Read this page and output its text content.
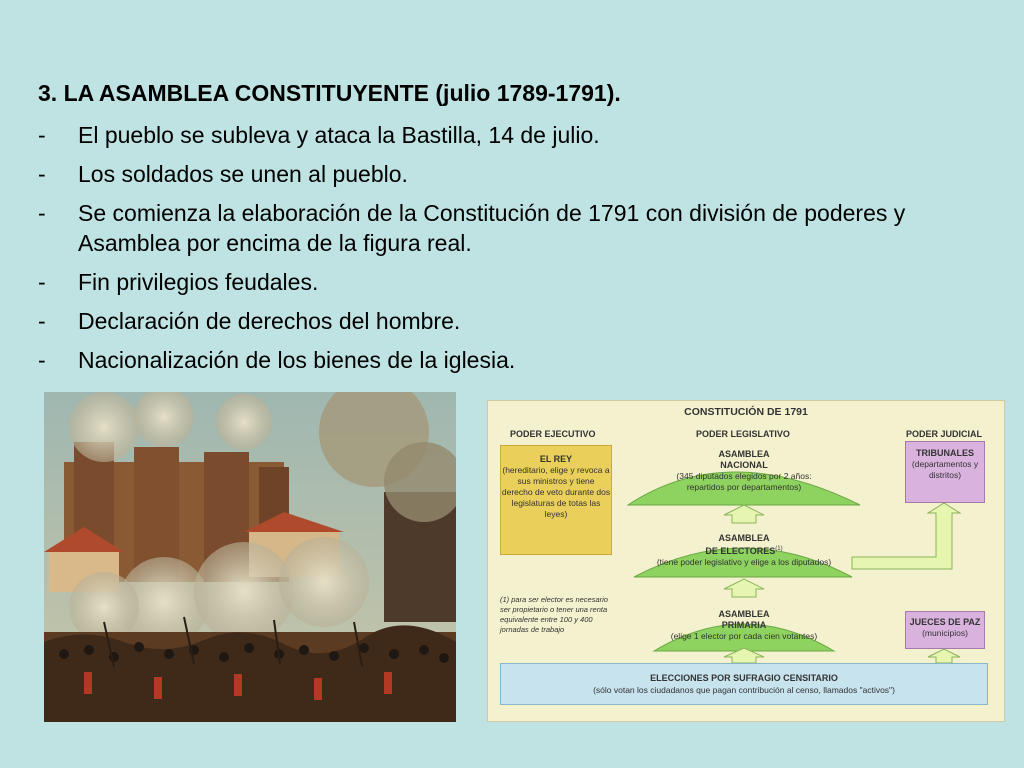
3. LA ASAMBLEA CONSTITUYENTE (julio 1789-1791).
- El pueblo se subleva y ataca la Bastilla, 14 de julio.
- Los soldados se unen al pueblo.
- Se comienza la elaboración de la Constitución de 1791 con división de poderes y Asamblea por encima de la figura real.
- Fin privilegios feudales.
- Declaración de derechos del hombre.
- Nacionalización de los bienes de la iglesia.
CONSTITUCIÓN DE 1791
PODER EJECUTIVO	PODER LEGISLATIVO	PODER JUDICIAL
EL REY
(hereditario, elige y revoca a sus ministros y tiene derecho de veto durante dos legislaturas de totas las leyes)
ASAMBLEA
NACIONAL
(345 diputados elegidos por 2 años:
repartidos por departamentos)
ASAMBLEA
DE ELECTORES$^{(1)}$
(tiene poder legislativo y elige a los diputados)
ASAMBLEA
PRIMARIA
(elige 1 elector por cada cien votantes)
TRIBUNALES
(departamentos y distritos)
JUECES DE PAZ
(municipios)
(1) para ser elector es necesario ser propietario o tener una renta equivalente entre 100 y 400 jornadas de trabajo
ELECCIONES POR SUFRAGIO CENSITARIO
(sólo votan los ciudadanos que pagan contribución al censo, llamados "activos")
